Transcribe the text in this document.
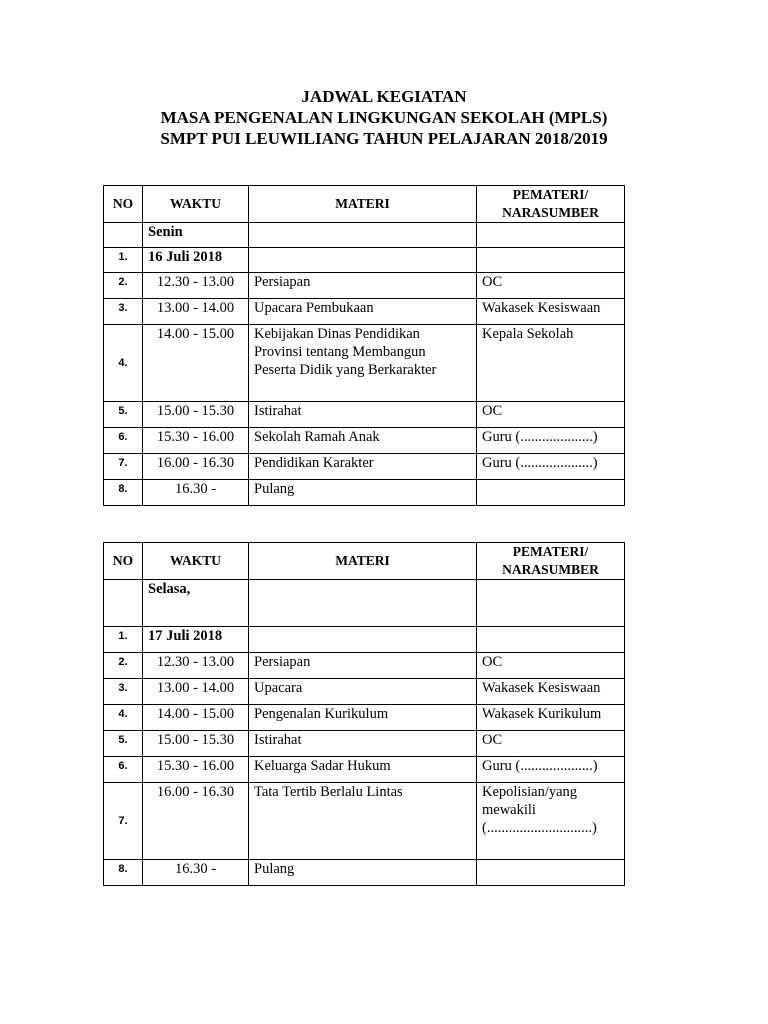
JADWAL KEGIATAN
MASA PENGENALAN LINGKUNGAN SEKOLAH (MPLS)
SMPT PUI LEUWILIANG TAHUN PELAJARAN 2018/2019
NO	WAKTU	MATERI	PEMATERI/
NARASUMBER

	Senin		
1.	16 Juli 2018		
2.	12.30 - 13.00	Persiapan	OC
3.	13.00 - 14.00	Upacara Pembukaan	Wakasek Kesiswaan
4.	14.00 - 15.00	Kebijakan Dinas Pendidikan
Provinsi tentang Membangun
Peserta Didik yang Berkarakter	Kepala Sekolah
5.	15.00 - 15.30	Istirahat	OC
6.	15.30 - 16.00	Sekolah Ramah Anak	Guru (....................)
7.	16.00 - 16.30	Pendidikan Karakter	Guru (....................)
8.	16.30 -	Pulang	
NO	WAKTU	MATERI	PEMATERI/
NARASUMBER

	Selasa,		
1.	17 Juli 2018		
2.	12.30 - 13.00	Persiapan	OC
3.	13.00 - 14.00	Upacara	Wakasek Kesiswaan
4.	14.00 - 15.00	Pengenalan Kurikulum	Wakasek Kurikulum
5.	15.00 - 15.30	Istirahat	OC
6.	15.30 - 16.00	Keluarga Sadar Hukum	Guru (....................)
7.	16.00 - 16.30	Tata Tertib Berlalu Lintas	Kepolisian/yang
mewakili
(.............................)

8.	16.30 -	Pulang	
